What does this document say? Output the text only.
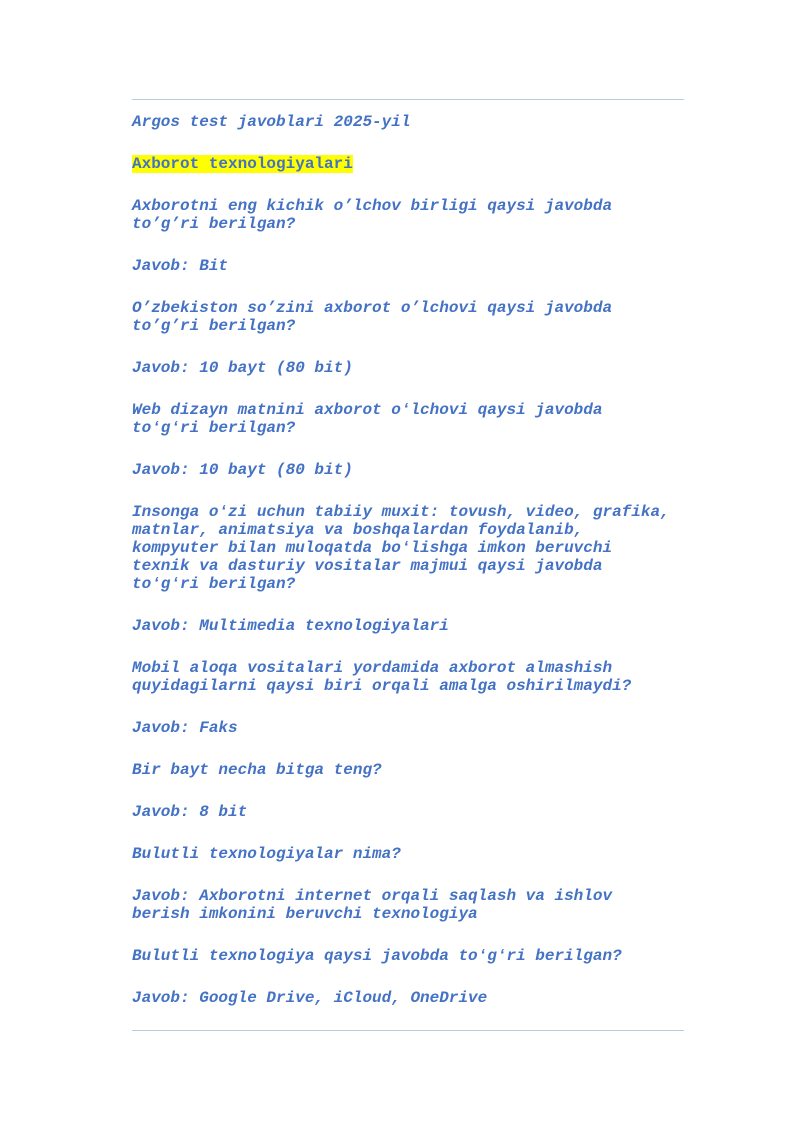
Argos test javoblari 2025-yil

Axborot texnologiyalari

Axborotni eng kichik o’lchov birligi qaysi javobda
to’g’ri berilgan?

Javob: Bit

O’zbekiston so’zini axborot o’lchovi qaysi javobda
to’g’ri berilgan?

Javob: 10 bayt (80 bit)

Web dizayn matnini axborot oʻlchovi qaysi javobda
toʻgʻri berilgan?

Javob: 10 bayt (80 bit)

Insonga oʻzi uchun tabiiy muxit: tovush, video, grafika,
matnlar, animatsiya va boshqalardan foydalanib,
kompyuter bilan muloqatda boʻlishga imkon beruvchi
texnik va dasturiy vositalar majmui qaysi javobda
toʻgʻri berilgan?

Javob: Multimedia texnologiyalari

Mobil aloqa vositalari yordamida axborot almashish
quyidagilarni qaysi biri orqali amalga oshirilmaydi?

Javob: Faks

Bir bayt necha bitga teng?

Javob: 8 bit

Bulutli texnologiyalar nima?

Javob: Axborotni internet orqali saqlash va ishlov
berish imkonini beruvchi texnologiya

Bulutli texnologiya qaysi javobda toʻgʻri berilgan?

Javob: Google Drive, iCloud, OneDrive
